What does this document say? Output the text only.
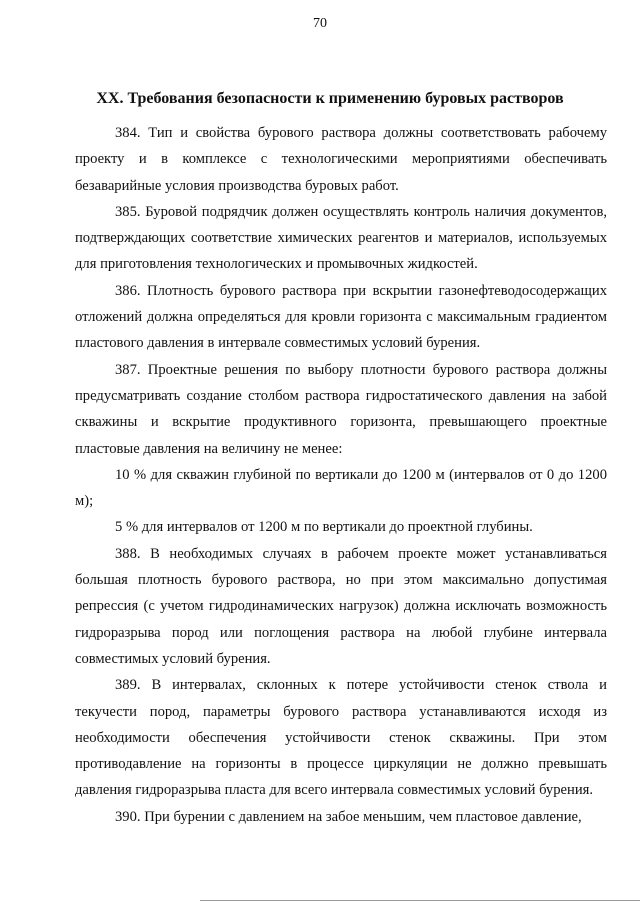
70
XX. Требования безопасности к применению буровых растворов

384. Тип и свойства бурового раствора должны соответствовать рабочему проекту и в комплексе с технологическими мероприятиями обеспечивать безаварийные условия производства буровых работ.

385. Буровой подрядчик должен осуществлять контроль наличия документов, подтверждающих соответствие химических реагентов и материалов, используемых для приготовления технологических и промывочных жидкостей.

386. Плотность бурового раствора при вскрытии газонефтеводосодержащих отложений должна определяться для кровли горизонта с максимальным градиентом пластового давления в интервале совместимых условий бурения.

387. Проектные решения по выбору плотности бурового раствора должны предусматривать создание столбом раствора гидростатического давления на забой скважины и вскрытие продуктивного горизонта, превышающего проектные пластовые давления на величину не менее:

10 % для скважин глубиной по вертикали до 1200 м (интервалов от 0 до 1200 м);

5 % для интервалов от 1200 м по вертикали до проектной глубины.

388. В необходимых случаях в рабочем проекте может устанавливаться большая плотность бурового раствора, но при этом максимально допустимая репрессия (с учетом гидродинамических нагрузок) должна исключать возможность гидроразрыва пород или поглощения раствора на любой глубине интервала совместимых условий бурения.

389. В интервалах, склонных к потере устойчивости стенок ствола и текучести пород, параметры бурового раствора устанавливаются исходя из необходимости обеспечения устойчивости стенок скважины. При этом противодавление на горизонты в процессе циркуляции не должно превышать давления гидроразрыва пласта для всего интервала совместимых условий бурения.

390. При бурении с давлением на забое меньшим, чем пластовое давление,
